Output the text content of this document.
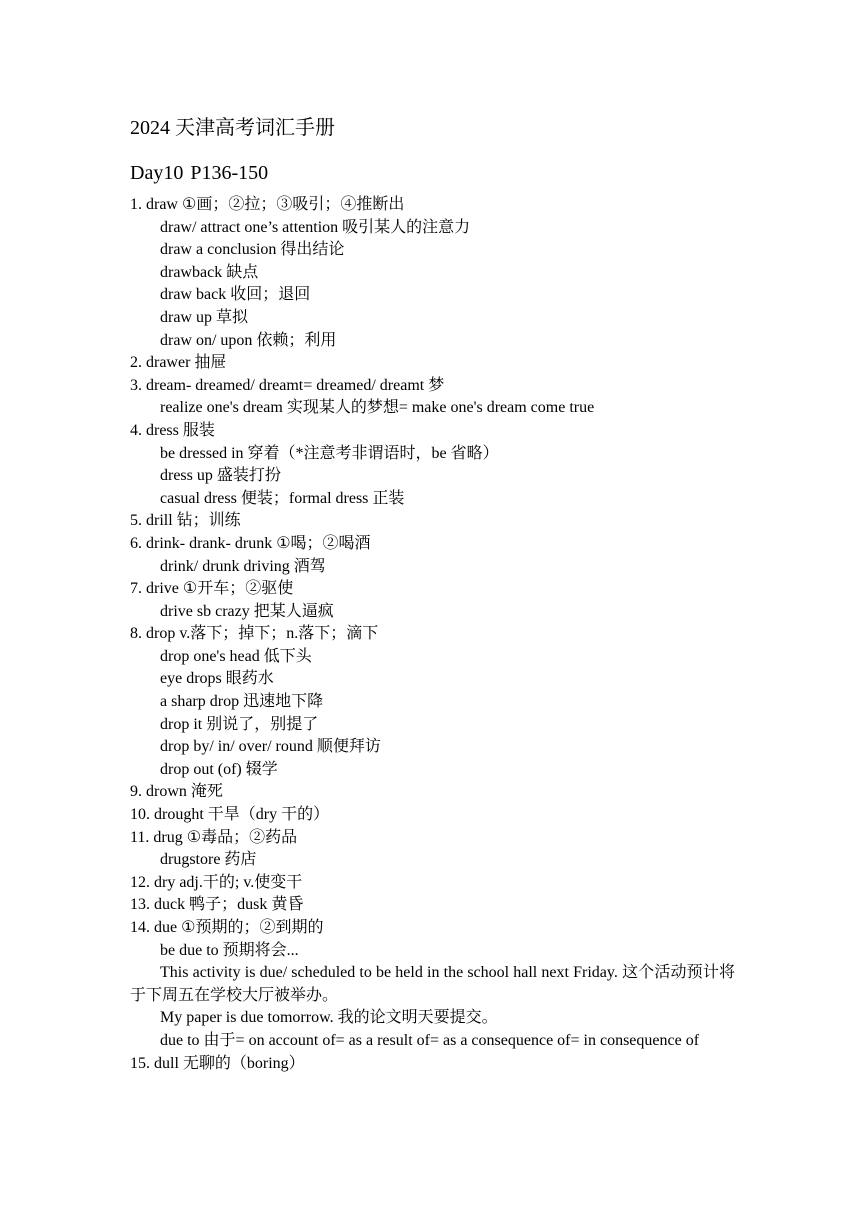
2024 天津高考词汇手册
Day10 P136-150
1. draw ①画；②拉；③吸引；④推断出
draw/ attract one’s attention 吸引某人的注意力
draw a conclusion 得出结论
drawback 缺点
draw back 收回；退回
draw up 草拟
draw on/ upon 依赖；利用
2. drawer 抽屉
3. dream- dreamed/ dreamt= dreamed/ dreamt 梦
realize one's dream 实现某人的梦想= make one's dream come true
4. dress 服装
be dressed in 穿着（*注意考非谓语时，be 省略）
dress up 盛装打扮
casual dress 便装；formal dress 正装
5. drill 钻；训练
6. drink- drank- drunk ①喝；②喝酒
drink/ drunk driving 酒驾
7. drive ①开车；②驱使
drive sb crazy 把某人逼疯
8. drop v.落下；掉下；n.落下；滴下
drop one's head 低下头
eye drops 眼药水
a sharp drop 迅速地下降
drop it 别说了，别提了
drop by/ in/ over/ round 顺便拜访
drop out (of) 辍学
9. drown 淹死
10. drought 干旱（dry 干的）
11. drug ①毒品；②药品
drugstore 药店
12. dry adj.干的; v.使变干
13. duck 鸭子；dusk 黄昏
14. due ①预期的；②到期的
be due to 预期将会...
This activity is due/ scheduled to be held in the school hall next Friday. 这个活动预计将于下周五在学校大厅被举办。
My paper is due tomorrow. 我的论文明天要提交。
due to 由于= on account of= as a result of= as a consequence of= in consequence of
15. dull 无聊的（boring）
